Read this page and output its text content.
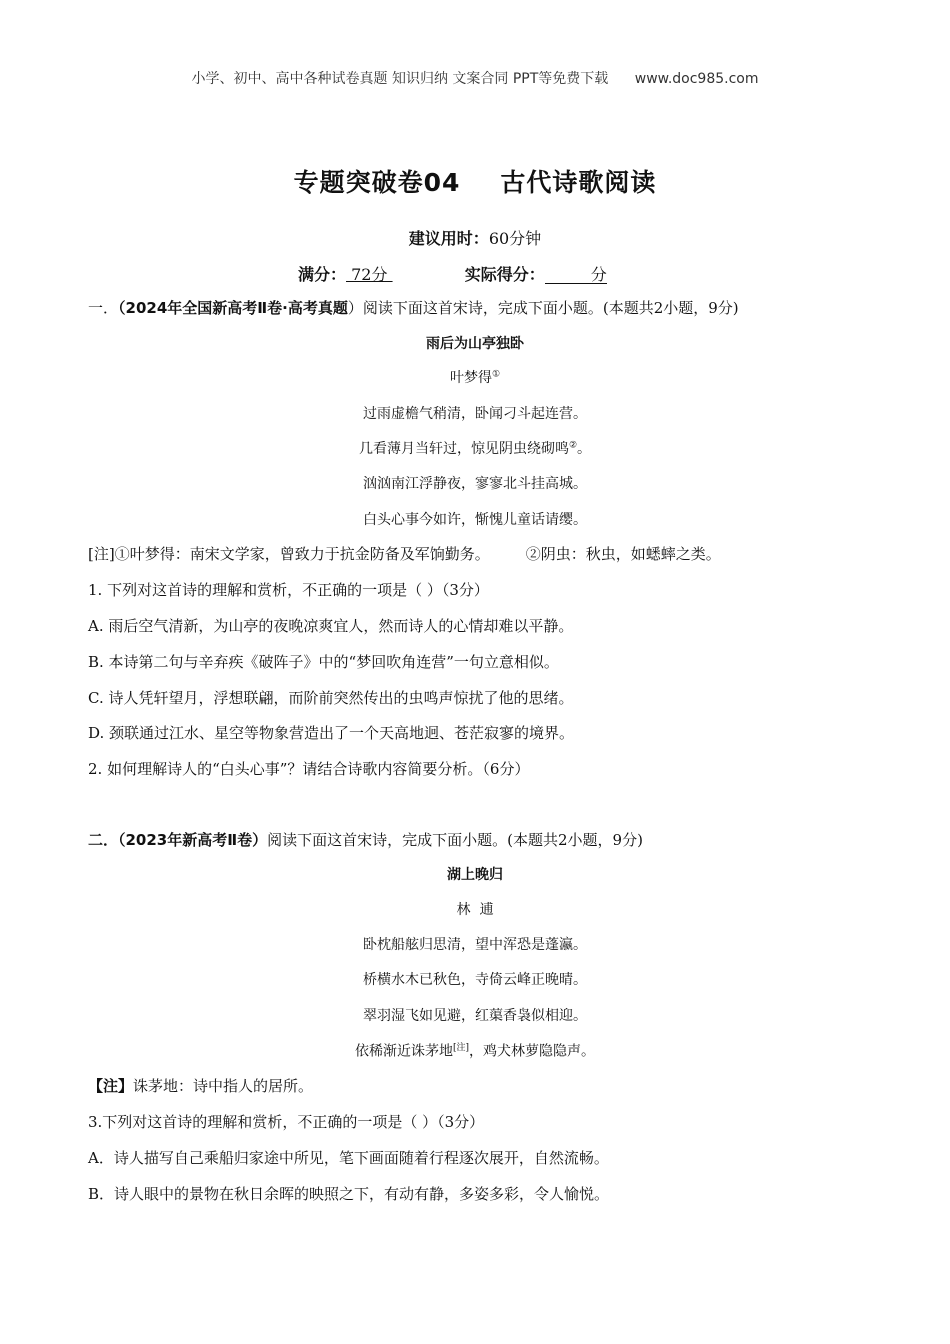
小学、初中、高中各种试卷真题 知识归纳 文案合同 PPT等免费下载 www.doc985.com
专题突破卷04 古代诗歌阅读
建议用时：60分钟
满分： 72分	实际得分：	分
一．（2024年全国新高考Ⅱ卷·高考真题）阅读下面这首宋诗，完成下面小题。(本题共2小题，9分)
雨后为山亭独卧
叶梦得①
过雨虚檐气稍清，卧闻刁斗起连营。
几看薄月当轩过，惊见阴虫绕砌鸣②。
汹汹南江浮静夜，寥寥北斗挂高城。
白头心事今如许，惭愧儿童话请缨。
[注]①叶梦得：南宋文学家，曾致力于抗金防备及军饷勤务。 ②阴虫：秋虫，如蟋蟀之类。
1. 下列对这首诗的理解和赏析，不正确的一项是（ ）（3分）
A. 雨后空气清新，为山亭的夜晚凉爽宜人，然而诗人的心情却难以平静。
B. 本诗第二句与辛弃疾《破阵子》中的“梦回吹角连营”一句立意相似。
C. 诗人凭轩望月，浮想联翩，而阶前突然传出的虫鸣声惊扰了他的思绪。
D. 颈联通过江水、星空等物象营造出了一个天高地迥、苍茫寂寥的境界。
2. 如何理解诗人的“白头心事”？请结合诗歌内容简要分析。（6分）
二．（2023年新高考Ⅱ卷）阅读下面这首宋诗，完成下面小题。(本题共2小题，9分)
湖上晚归
林  逋
卧枕船舷归思清，望中浑恐是蓬瀛。
桥横水木已秋色，寺倚云峰正晚晴。
翠羽湿飞如见避，红蕖香袅似相迎。
依稀渐近诛茅地[注]，鸡犬林萝隐隐声。
【注】诛茅地：诗中指人的居所。
3.下列对这首诗的理解和赏析，不正确的一项是（ ）（3分）
A．诗人描写自己乘船归家途中所见，笔下画面随着行程逐次展开，自然流畅。
B．诗人眼中的景物在秋日余晖的映照之下，有动有静，多姿多彩，令人愉悦。
